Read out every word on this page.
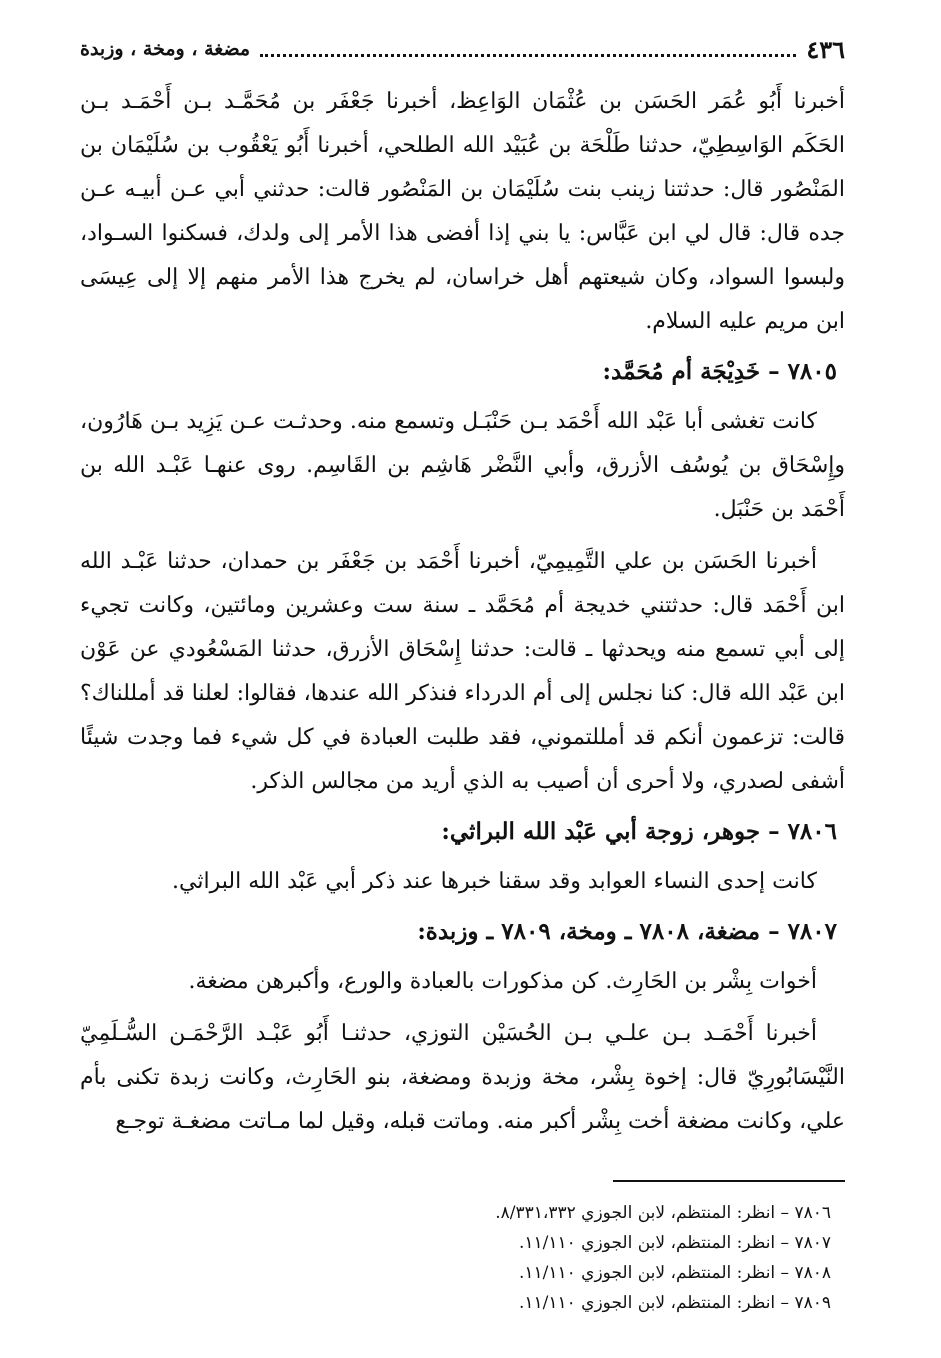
٤٣٦
مضغة ، ومخة ، وزبدة

أخبرنا أَبُو عُمَر الحَسَن بن عُثْمَان الوَاعِظ، أخبرنا جَعْفَر بن مُحَمَّـد بـن أَحْمَـد بـن الحَكَم الوَاسِطِيّ، حدثنا طَلْحَة بن عُبَيْد الله الطلحي، أخبرنا أَبُو يَعْقُوب بن سُلَيْمَان بن المَنْصُور قال: حدثتنا زينب بنت سُلَيْمَان بن المَنْصُور قالت: حدثني أبي عـن أبيـه عـن جده قال: قال لي ابن عَبَّاس: يا بني إذا أفضى هذا الأمر إلى ولدك، فسكنوا السـواد، ولبسوا السواد، وكان شيعتهم أهل خراسان، لم يخرج هذا الأمر منهم إلا إلى عِيسَى ابن مريم عليه السلام.

٧٨٠٥ – خَدِيْجَة أم مُحَمَّد:

كانت تغشى أبا عَبْد الله أَحْمَد بـن حَنْبَـل وتسمع منه. وحدثـت عـن يَزِيد بـن هَارُون، وإِسْحَاق بن يُوسُف الأزرق، وأبي النَّضْر هَاشِم بن القَاسِم. روى عنهـا عَبْـد الله بن أَحْمَد بن حَنْبَل.

أخبرنا الحَسَن بن علي التَّمِيمِيّ، أخبرنا أَحْمَد بن جَعْفَر بن حمدان، حدثنا عَبْـد الله ابن أَحْمَد قال: حدثتني خديجة أم مُحَمَّد ـ سنة ست وعشرين ومائتين، وكانت تجيء إلى أبي تسمع منه ويحدثها ـ قالت: حدثنا إِسْحَاق الأزرق، حدثنا المَسْعُودي عن عَوْن ابن عَبْد الله قال: كنا نجلس إلى أم الدرداء فنذكر الله عندها، فقالوا: لعلنا قد أمللناك؟ قالت: تزعمون أنكم قد أمللتموني، فقد طلبت العبادة في كل شيء فما وجدت شيئًا أشفى لصدري، ولا أحرى أن أصيب به الذي أريد من مجالس الذكر.

٧٨٠٦ – جوهر، زوجة أبي عَبْد الله البراثي:

كانت إحدى النساء العوابد وقد سقنا خبرها عند ذكر أبي عَبْد الله البراثي.

٧٨٠٧ – مضغة، ٧٨٠٨ ـ ومخة، ٧٨٠٩ ـ وزبدة:

أخوات بِشْر بن الحَارِث. كن مذكورات بالعبادة والورع، وأكبرهن مضغة.

أخبرنا أَحْمَـد بـن علـي بـن الحُسَيْن التوزي، حدثنـا أَبُو عَبْـد الرَّحْمَـن السُّـلَمِيّ النَّيْسَابُورِيّ قال: إخوة بِشْر، مخة وزبدة ومضغة، بنو الحَارِث، وكانت زبدة تكنى بأم علي، وكانت مضغة أخت بِشْر أكبر منه. وماتت قبله، وقيل لما مـاتت مضغـة توجـع

٧٨٠٦ – انظر: المنتظم، لابن الجوزي ٨/٣٣١،٣٣٢.
٧٨٠٧ – انظر: المنتظم، لابن الجوزي ١١/١١٠.
٧٨٠٨ – انظر: المنتظم، لابن الجوزي ١١/١١٠.
٧٨٠٩ – انظر: المنتظم، لابن الجوزي ١١/١١٠.
